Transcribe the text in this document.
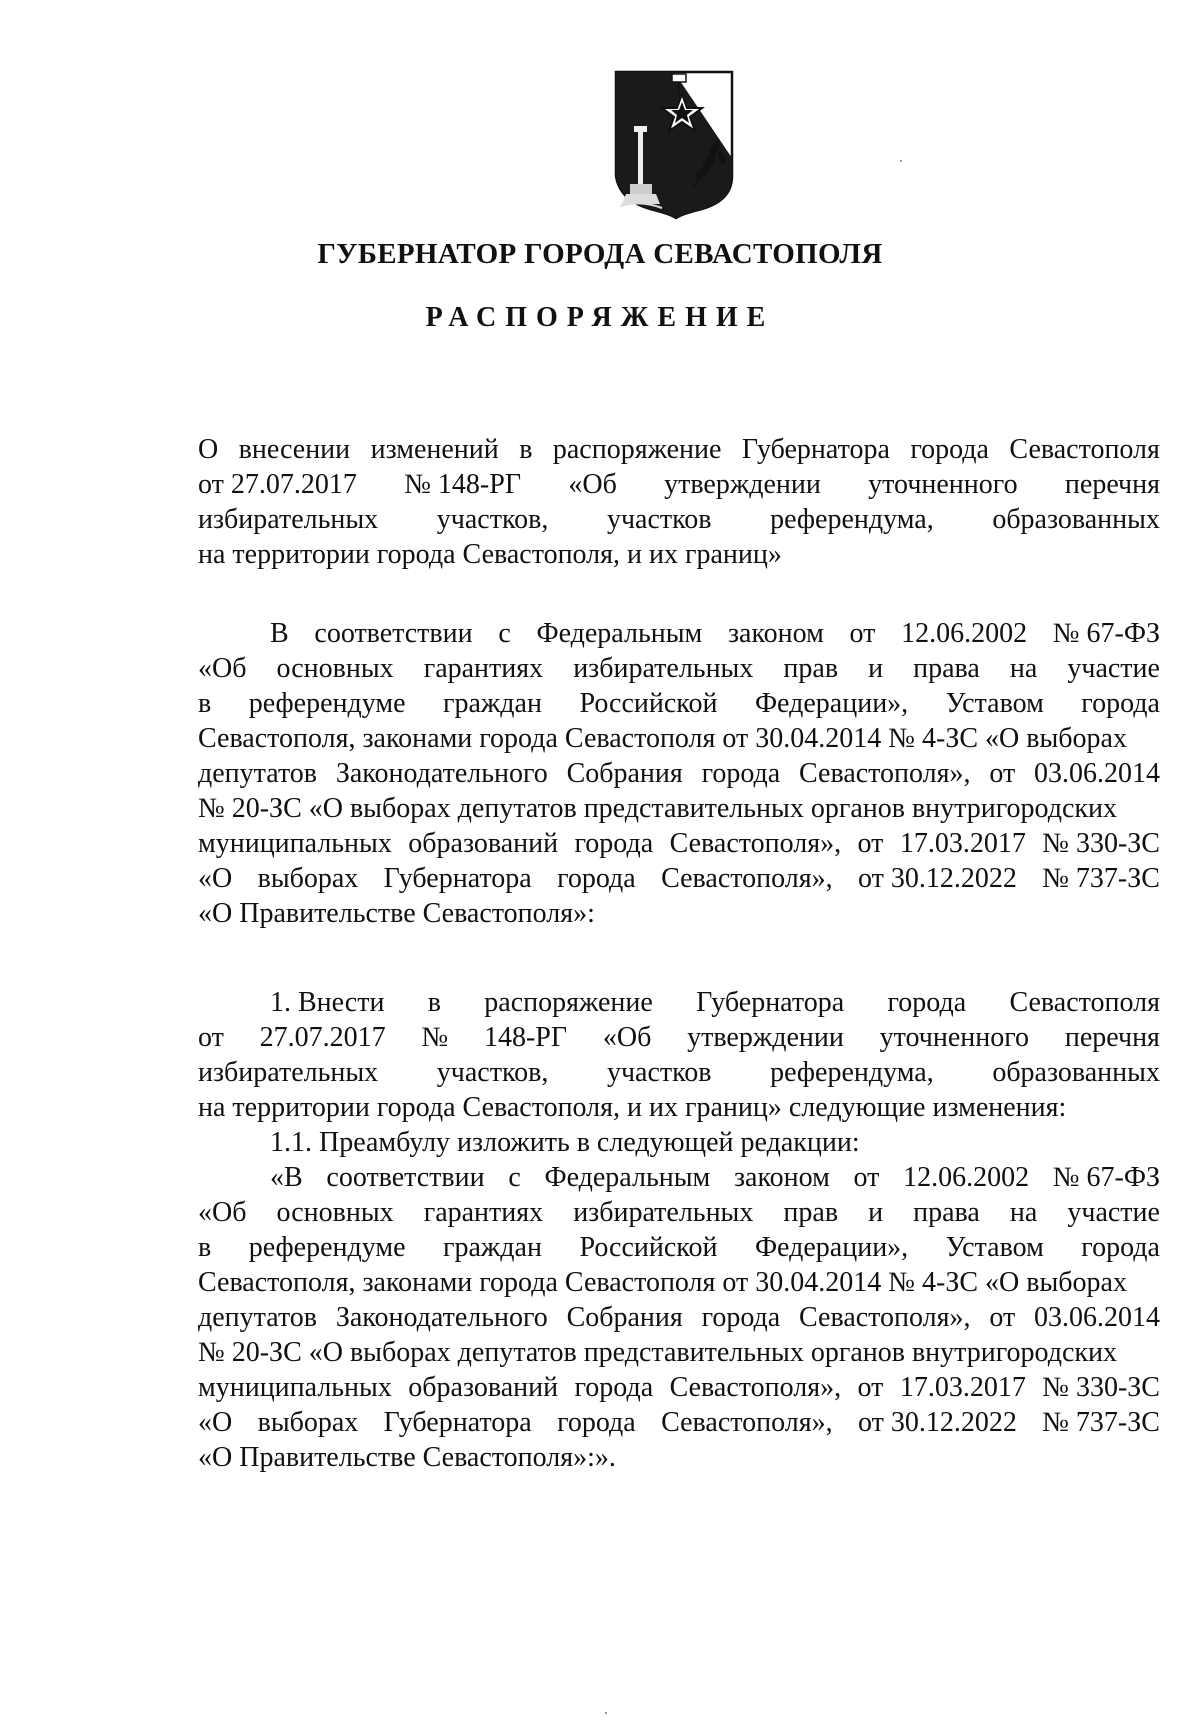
ГУБЕРНАТОР ГОРОДА СЕВАСТОПОЛЯ
РАСПОРЯЖЕНИЕ
О внесении изменений в распоряжение Губернатора города Севастополя
от 27.07.2017 № 148-РГ «Об утверждении уточненного перечня
избирательных участков, участков референдума, образованных
на территории города Севастополя, и их границ»
В соответствии с Федеральным законом от 12.06.2002 № 67-ФЗ
«Об основных гарантиях избирательных прав и права на участие
в референдуме граждан Российской Федерации», Уставом города
Севастополя, законами города Севастополя от 30.04.2014 № 4-ЗС «О выборах
депутатов Законодательного Собрания города Севастополя», от 03.06.2014
№ 20-ЗС «О выборах депутатов представительных органов внутригородских
муниципальных образований города Севастополя», от 17.03.2017 № 330-ЗС
«О выборах Губернатора города Севастополя», от 30.12.2022 № 737-ЗС
«О Правительстве Севастополя»:
1. Внести в распоряжение Губернатора города Севастополя
от 27.07.2017 № 148-РГ «Об утверждении уточненного перечня
избирательных участков, участков референдума, образованных
на территории города Севастополя, и их границ» следующие изменения:
1.1. Преамбулу изложить в следующей редакции:
«В соответствии с Федеральным законом от 12.06.2002 № 67-ФЗ
«Об основных гарантиях избирательных прав и права на участие
в референдуме граждан Российской Федерации», Уставом города
Севастополя, законами города Севастополя от 30.04.2014 № 4-ЗС «О выборах
депутатов Законодательного Собрания города Севастополя», от 03.06.2014
№ 20-ЗС «О выборах депутатов представительных органов внутригородских
муниципальных образований города Севастополя», от 17.03.2017 № 330-ЗС
«О выборах Губернатора города Севастополя», от 30.12.2022 № 737-ЗС
«О Правительстве Севастополя»:».
